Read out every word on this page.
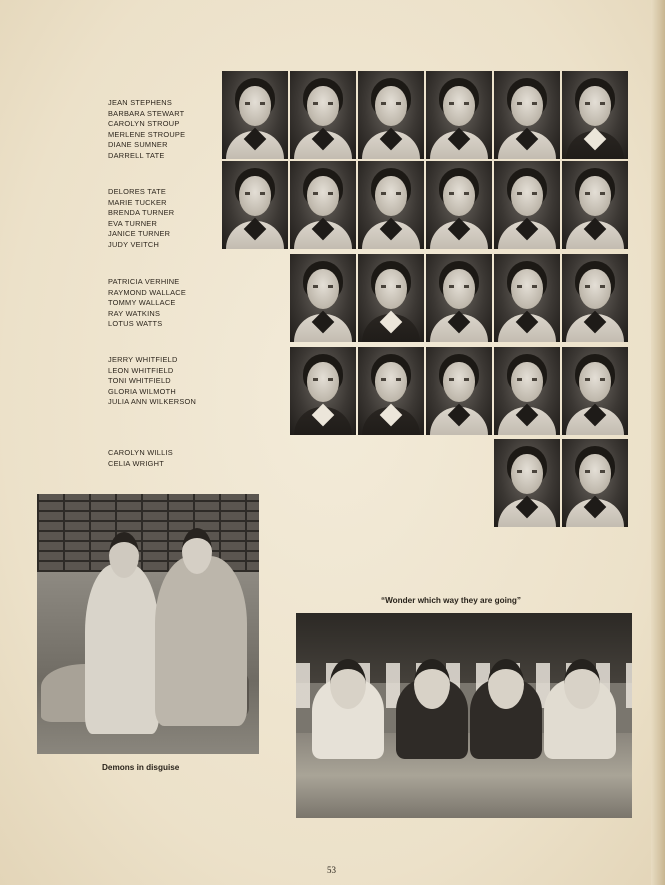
JEAN STEPHENS
BARBARA STEWART
CAROLYN STROUP
MERLENE STROUPE
DIANE SUMNER
DARRELL TATE
DELORES TATE
MARIE TUCKER
BRENDA TURNER
EVA TURNER
JANICE TURNER
JUDY VEITCH
PATRICIA VERHINE
RAYMOND WALLACE
TOMMY WALLACE
RAY WATKINS
LOTUS WATTS
JERRY WHITFIELD
LEON WHITFIELD
TONI WHITFIELD
GLORIA WILMOTH
JULIA ANN WILKERSON
CAROLYN WILLIS
CELIA WRIGHT
Demons in disguise
“Wonder which way they are going”
53
